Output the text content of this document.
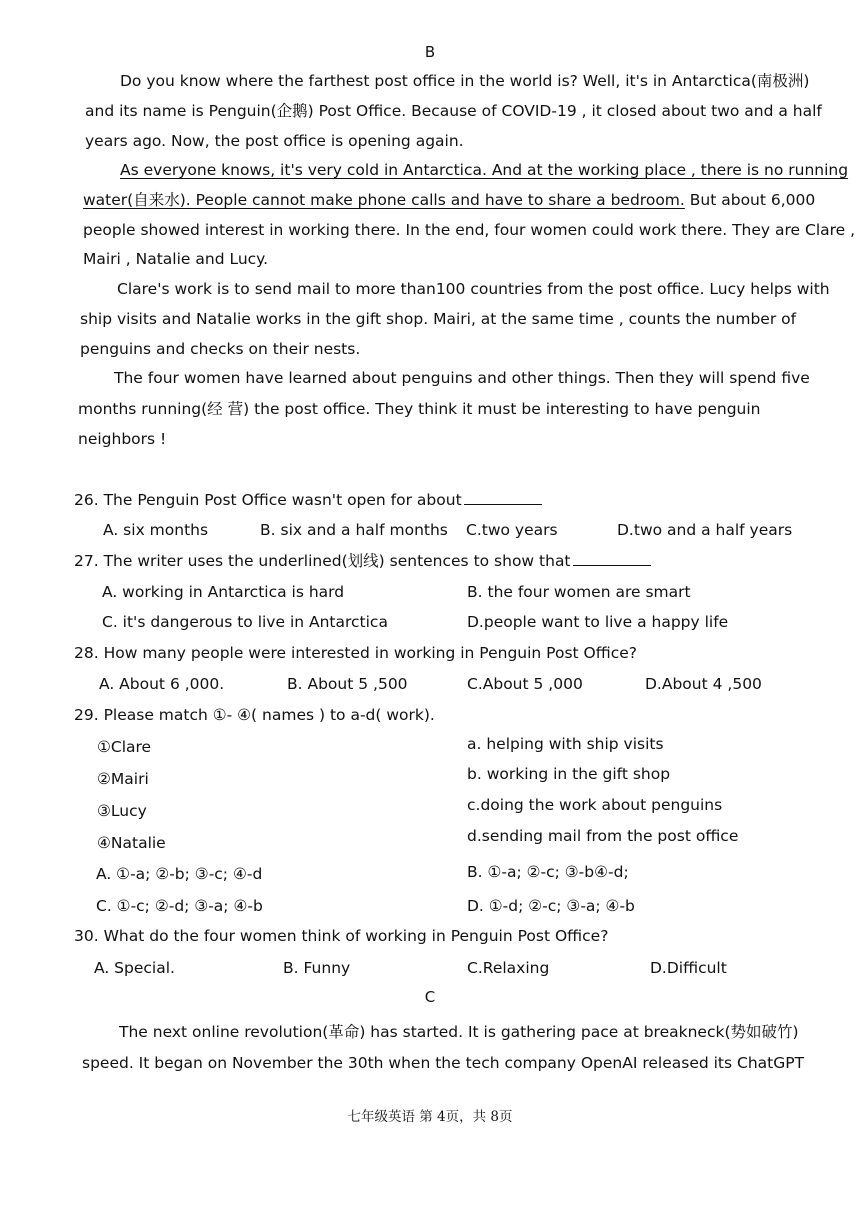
B
Do you know where the farthest post office in the world is? Well, it's in Antarctica(南极洲)
and its name is Penguin(企鹅) Post Office. Because of COVID-19 , it closed about two and a half
years ago. Now, the post office is opening again.
As everyone knows, it's very cold in Antarctica. And at the working place , there is no running
water(自来水). People cannot make phone calls and have to share a bedroom. But about 6,000
people showed interest in working there. In the end, four women could work there. They are Clare ,
Mairi , Natalie and Lucy.
Clare's work is to send mail to more than100 countries from the post office. Lucy helps with
ship visits and Natalie works in the gift shop. Mairi, at the same time , counts the number of
penguins and checks on their nests.
The four women have learned about penguins and other things. Then they will spend five
months running(经 营) the post office. They think it must be interesting to have penguin
neighbors !
26. The Penguin Post Office wasn't open for about
A. six months	B. six and a half months C.two years	D.two and a half years
27. The writer uses the underlined(划线) sentences to show that
A. working in Antarctica is hard	B. the four women are smart
C. it's dangerous to live in Antarctica	D.people want to live a happy life
28. How many people were interested in working in Penguin Post Office?
A. About 6 ,000.	B. About 5 ,500	C.About 5 ,000	D.About 4 ,500
29. Please match ①- ④( names ) to a-d( work).
①Clare	a. helping with ship visits
②Mairi	b. working in the gift shop
③Lucy	c.doing the work about penguins
④Natalie	d.sending mail from the post office
A. ①-a; ②-b; ③-c; ④-d	B. ①-a; ②-c; ③-b④-d;
C. ①-c; ②-d; ③-a; ④-b	D. ①-d; ②-c; ③-a; ④-b
30. What do the four women think of working in Penguin Post Office?
A. Special.	B. Funny	C.Relaxing	D.Difficult
C
The next online revolution(革命) has started. It is gathering pace at breakneck(势如破竹)
speed. It began on November the 30th when the tech company OpenAI released its ChatGPT
七年级英语 第 4页，共 8页
